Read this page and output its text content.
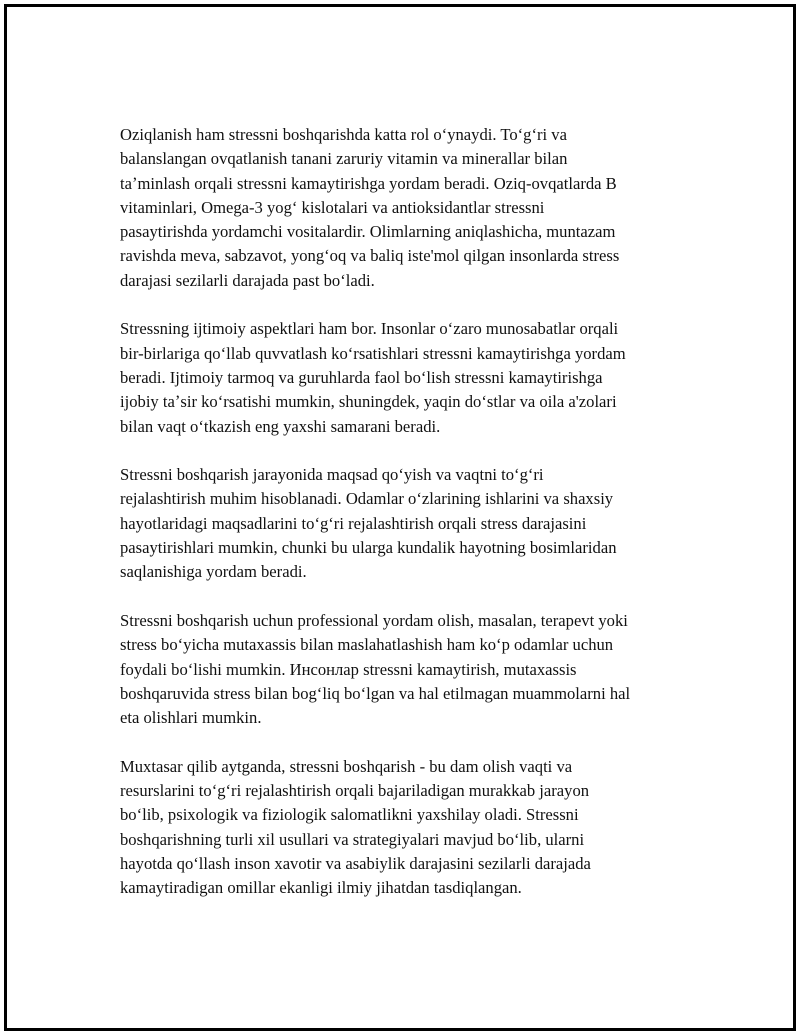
Oziqlanish ham stressni boshqarishda katta rol oʻynaydi. Toʻgʻri va
balanslangan ovqatlanish tanani zaruriy vitamin va minerallar bilan
taʼminlash orqali stressni kamaytirishga yordam beradi. Oziq-ovqatlarda B
vitaminlari, Omega-3 yogʻ kislotalari va antioksidantlar stressni
pasaytirishda yordamchi vositalardir. Olimlarning aniqlashicha, muntazam
ravishda meva, sabzavot, yongʻoq va baliq iste'mol qilgan insonlarda stress
darajasi sezilarli darajada past boʻladi.

Stressning ijtimoiy aspektlari ham bor. Insonlar oʻzaro munosabatlar orqali
bir-birlariga qoʻllab quvvatlash koʻrsatishlari stressni kamaytirishga yordam
beradi. Ijtimoiy tarmoq va guruhlarda faol boʻlish stressni kamaytirishga
ijobiy taʼsir koʻrsatishi mumkin, shuningdek, yaqin doʻstlar va oila a'zolari
bilan vaqt oʻtkazish eng yaxshi samarani beradi.

Stressni boshqarish jarayonida maqsad qoʻyish va vaqtni toʻgʻri
rejalashtirish muhim hisoblanadi. Odamlar oʻzlarining ishlarini va shaxsiy
hayotlaridagi maqsadlarini toʻgʻri rejalashtirish orqali stress darajasini
pasaytirishlari mumkin, chunki bu ularga kundalik hayotning bosimlaridan
saqlanishiga yordam beradi.

Stressni boshqarish uchun professional yordam olish, masalan, terapevt yoki
stress boʻyicha mutaxassis bilan maslahatlashish ham koʻp odamlar uchun
foydali boʻlishi mumkin. Инсонлар stressni kamaytirish, mutaxassis
boshqaruvida stress bilan bogʻliq boʻlgan va hal etilmagan muammolarni hal
eta olishlari mumkin.

Muxtasar qilib aytganda, stressni boshqarish - bu dam olish vaqti va
resurslarini toʻgʻri rejalashtirish orqali bajariladigan murakkab jarayon
boʻlib, psixologik va fiziologik salomatlikni yaxshilay oladi. Stressni
boshqarishning turli xil usullari va strategiyalari mavjud boʻlib, ularni
hayotda qoʻllash inson xavotir va asabiylik darajasini sezilarli darajada
kamaytiradigan omillar ekanligi ilmiy jihatdan tasdiqlangan.
